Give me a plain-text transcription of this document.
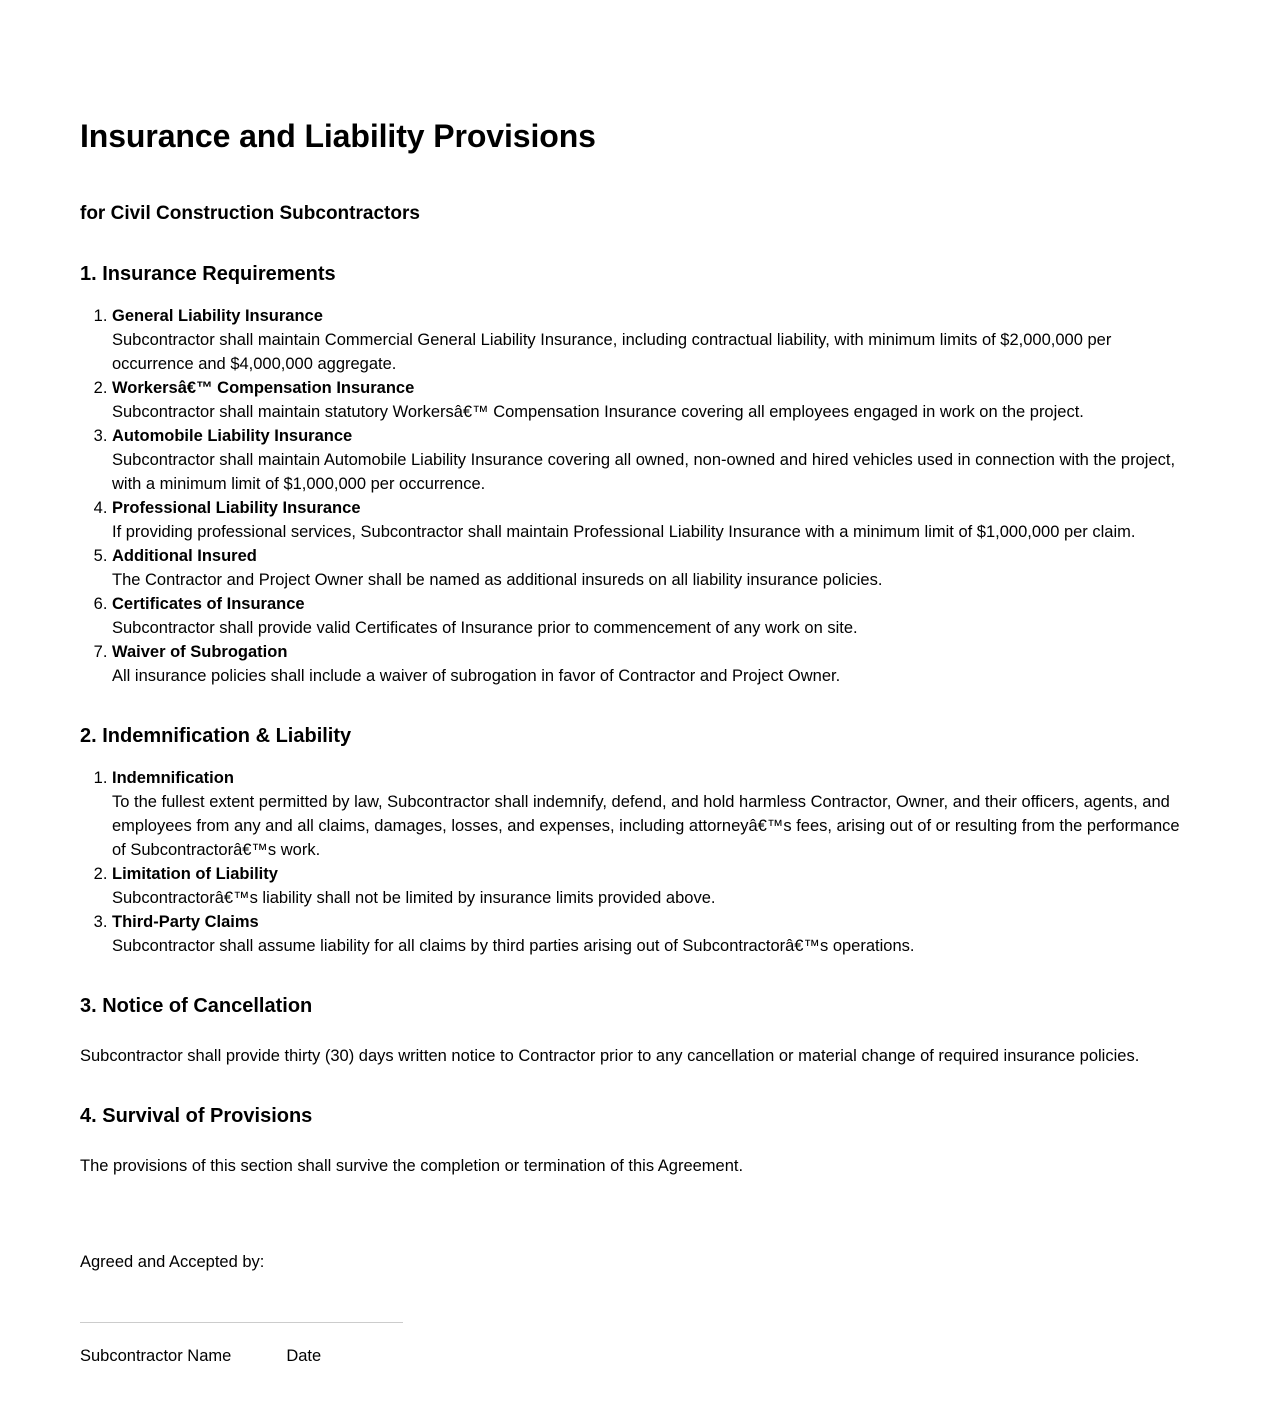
Insurance and Liability Provisions
for Civil Construction Subcontractors
1. Insurance Requirements
1. General Liability Insurance
Subcontractor shall maintain Commercial General Liability Insurance, including contractual liability, with minimum limits of $2,000,000 per occurrence and $4,000,000 aggregate.
2. Workersâ€™ Compensation Insurance
Subcontractor shall maintain statutory Workersâ€™ Compensation Insurance covering all employees engaged in work on the project.
3. Automobile Liability Insurance
Subcontractor shall maintain Automobile Liability Insurance covering all owned, non-owned and hired vehicles used in connection with the project, with a minimum limit of $1,000,000 per occurrence.
4. Professional Liability Insurance
If providing professional services, Subcontractor shall maintain Professional Liability Insurance with a minimum limit of $1,000,000 per claim.
5. Additional Insured
The Contractor and Project Owner shall be named as additional insureds on all liability insurance policies.
6. Certificates of Insurance
Subcontractor shall provide valid Certificates of Insurance prior to commencement of any work on site.
7. Waiver of Subrogation
All insurance policies shall include a waiver of subrogation in favor of Contractor and Project Owner.
2. Indemnification & Liability
1. Indemnification
To the fullest extent permitted by law, Subcontractor shall indemnify, defend, and hold harmless Contractor, Owner, and their officers, agents, and employees from any and all claims, damages, losses, and expenses, including attorneyâ€™s fees, arising out of or resulting from the performance of Subcontractorâ€™s work.
2. Limitation of Liability
Subcontractorâ€™s liability shall not be limited by insurance limits provided above.
3. Third-Party Claims
Subcontractor shall assume liability for all claims by third parties arising out of Subcontractorâ€™s operations.
3. Notice of Cancellation

Subcontractor shall provide thirty (30) days written notice to Contractor prior to any cancellation or material change of required insurance policies.

4. Survival of Provisions

The provisions of this section shall survive the completion or termination of this Agreement.

Agreed and Accepted by:

Subcontractor Name            Date
